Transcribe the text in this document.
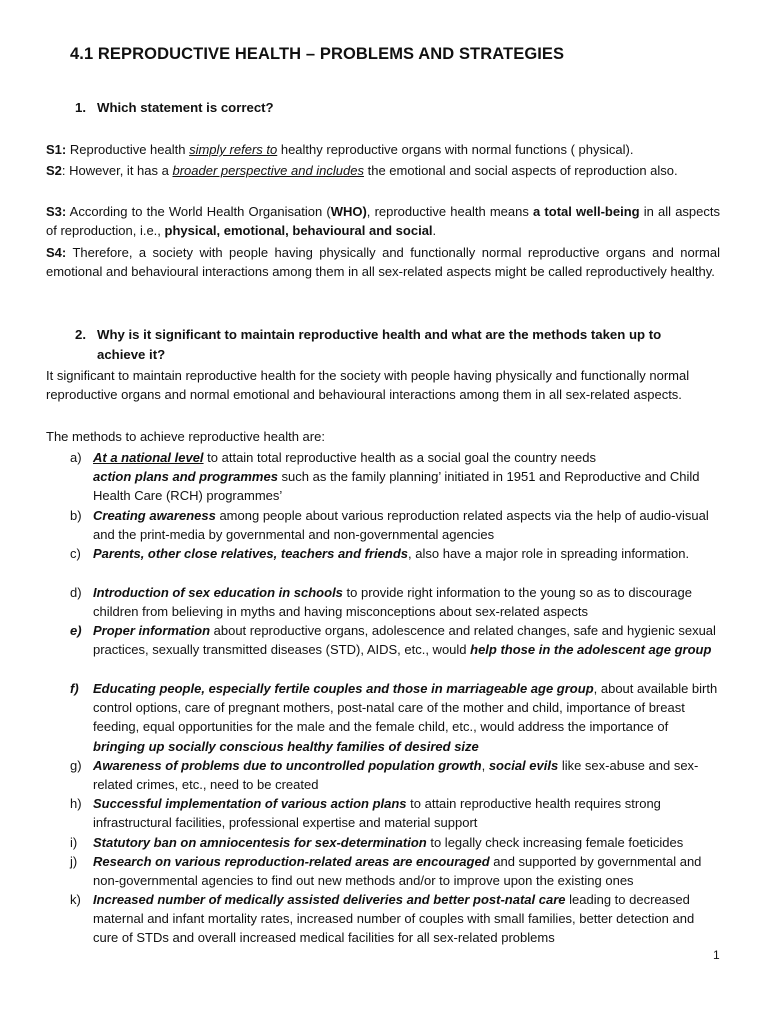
4.1 REPRODUCTIVE HEALTH – PROBLEMS AND STRATEGIES
1. Which statement is correct?
S1: Reproductive health simply refers to healthy reproductive organs with normal functions ( physical).
S2: However, it has a broader perspective and includes the emotional and social aspects of reproduction also.
S3: According to the World Health Organisation (WHO), reproductive health means a total well-being in all aspects of reproduction, i.e., physical, emotional, behavioural and social.
S4: Therefore, a society with people having physically and functionally normal reproductive organs and normal emotional and behavioural interactions among them in all sex-related aspects might be called reproductively healthy.
2. Why is it significant to maintain reproductive health and what are the methods taken up to achieve it?
It significant to maintain reproductive health for the society with people having physically and functionally normal reproductive organs and normal emotional and behavioural interactions among them in all sex-related aspects.
The methods to achieve reproductive health are:
a) At a national level to attain total reproductive health as a social goal the country needs
action plans and programmes such as the family planning’ initiated in 1951 and Reproductive and Child Health Care (RCH) programmes’
b) Creating awareness among people about various reproduction related aspects via the help of audio-visual and the print-media by governmental and non-governmental agencies
c) Parents, other close relatives, teachers and friends, also have a major role in spreading information.
d) Introduction of sex education in schools to provide right information to the young so as to discourage children from believing in myths and having misconceptions about sex-related aspects
e) Proper information about reproductive organs, adolescence and related changes, safe and hygienic sexual practices, sexually transmitted diseases (STD), AIDS, etc., would help those in the adolescent age group
f) Educating people, especially fertile couples and those in marriageable age group, about available birth control options, care of pregnant mothers, post-natal care of the mother and child, importance of breast feeding, equal opportunities for the male and the female child, etc., would address the importance of bringing up socially conscious healthy families of desired size
g) Awareness of problems due to uncontrolled population growth, social evils like sex-abuse and sex-related crimes, etc., need to be created
h) Successful implementation of various action plans to attain reproductive health requires strong infrastructural facilities, professional expertise and material support
i) Statutory ban on amniocentesis for sex-determination to legally check increasing female foeticides
j) Research on various reproduction-related areas are encouraged and supported by governmental and non-governmental agencies to find out new methods and/or to improve upon the existing ones
k) Increased number of medically assisted deliveries and better post-natal care leading to decreased maternal and infant mortality rates, increased number of couples with small families, better detection and cure of STDs and overall increased medical facilities for all sex-related problems
1
